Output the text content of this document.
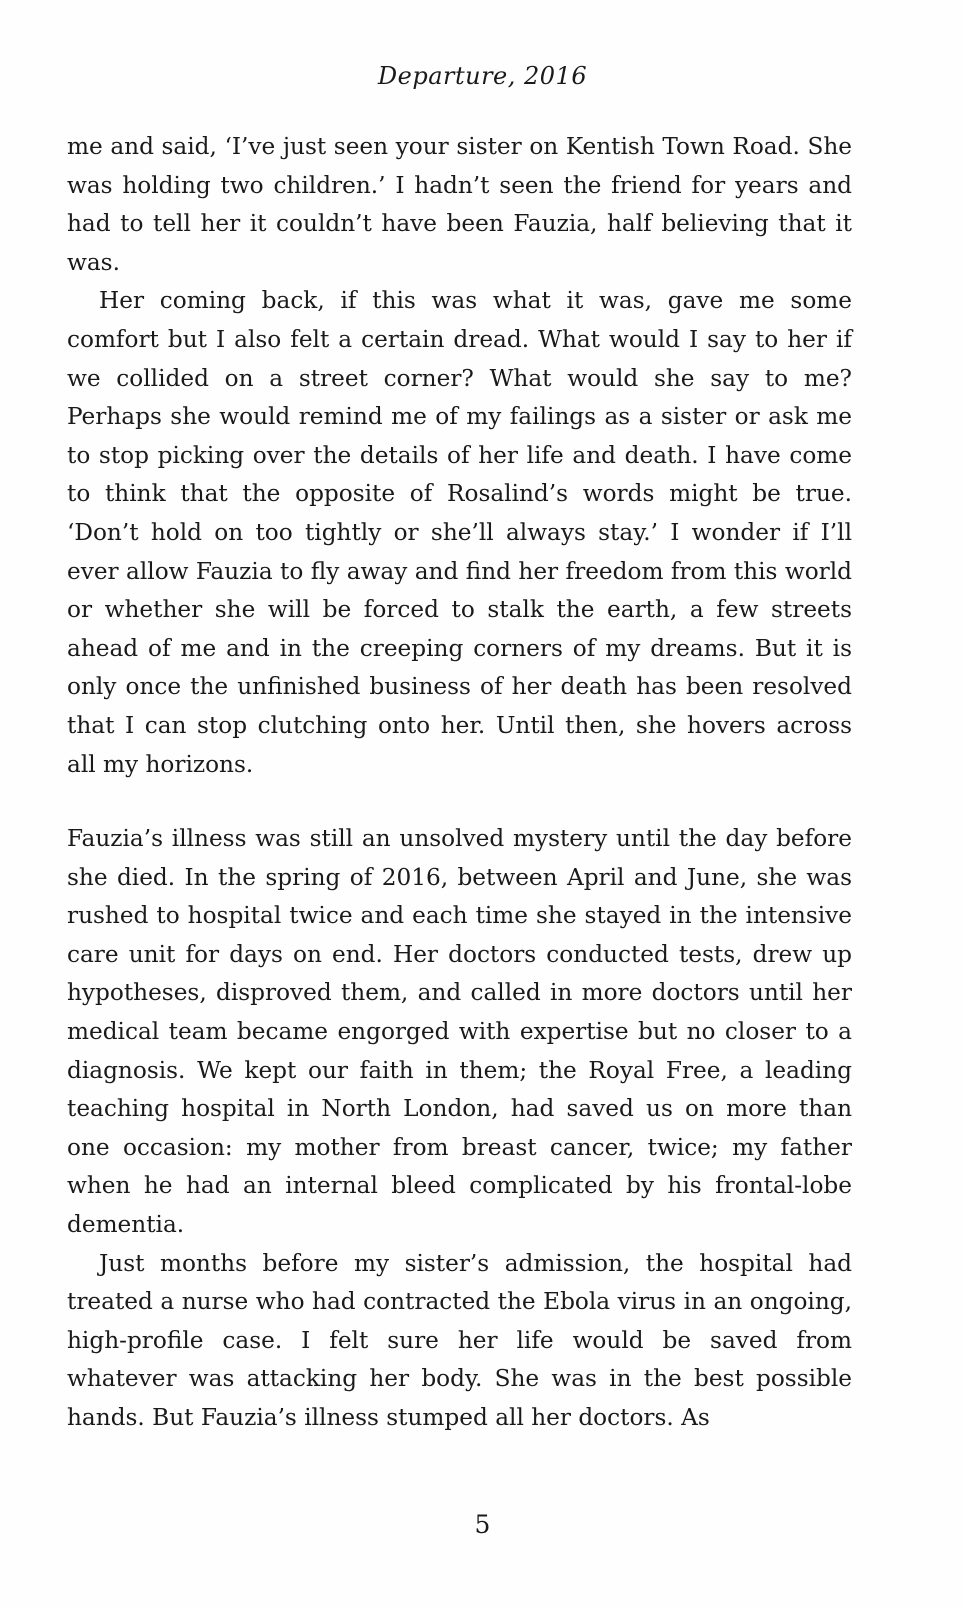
Departure, 2016

me and said, ‘I’ve just seen your sister on Kentish Town Road. She was holding two children.’ I hadn’t seen the friend for years and had to tell her it couldn’t have been Fauzia, half believing that it was.

Her coming back, if this was what it was, gave me some comfort but I also felt a certain dread. What would I say to her if we collided on a street corner? What would she say to me? Perhaps she would remind me of my failings as a sister or ask me to stop picking over the details of her life and death. I have come to think that the opposite of Rosalind’s words might be true. ‘Don’t hold on too tightly or she’ll always stay.’ I wonder if I’ll ever allow Fauzia to fly away and find her freedom from this world or whether she will be forced to stalk the earth, a few streets ahead of me and in the creeping corners of my dreams. But it is only once the unfinished business of her death has been resolved that I can stop clutching onto her. Until then, she hovers across all my horizons.

Fauzia’s illness was still an unsolved mystery until the day before she died. In the spring of 2016, between April and June, she was rushed to hospital twice and each time she stayed in the intensive care unit for days on end. Her doctors conducted tests, drew up hypotheses, disproved them, and called in more doctors until her medical team became engorged with expertise but no closer to a diagnosis. We kept our faith in them; the Royal Free, a leading teaching hospital in North London, had saved us on more than one occasion: my mother from breast cancer, twice; my father when he had an internal bleed complicated by his frontal-lobe dementia.

Just months before my sister’s admission, the hospital had treated a nurse who had contracted the Ebola virus in an ongoing, high-profile case. I felt sure her life would be saved from whatever was attacking her body. She was in the best possible hands. But Fauzia’s illness stumped all her doctors. As

5
